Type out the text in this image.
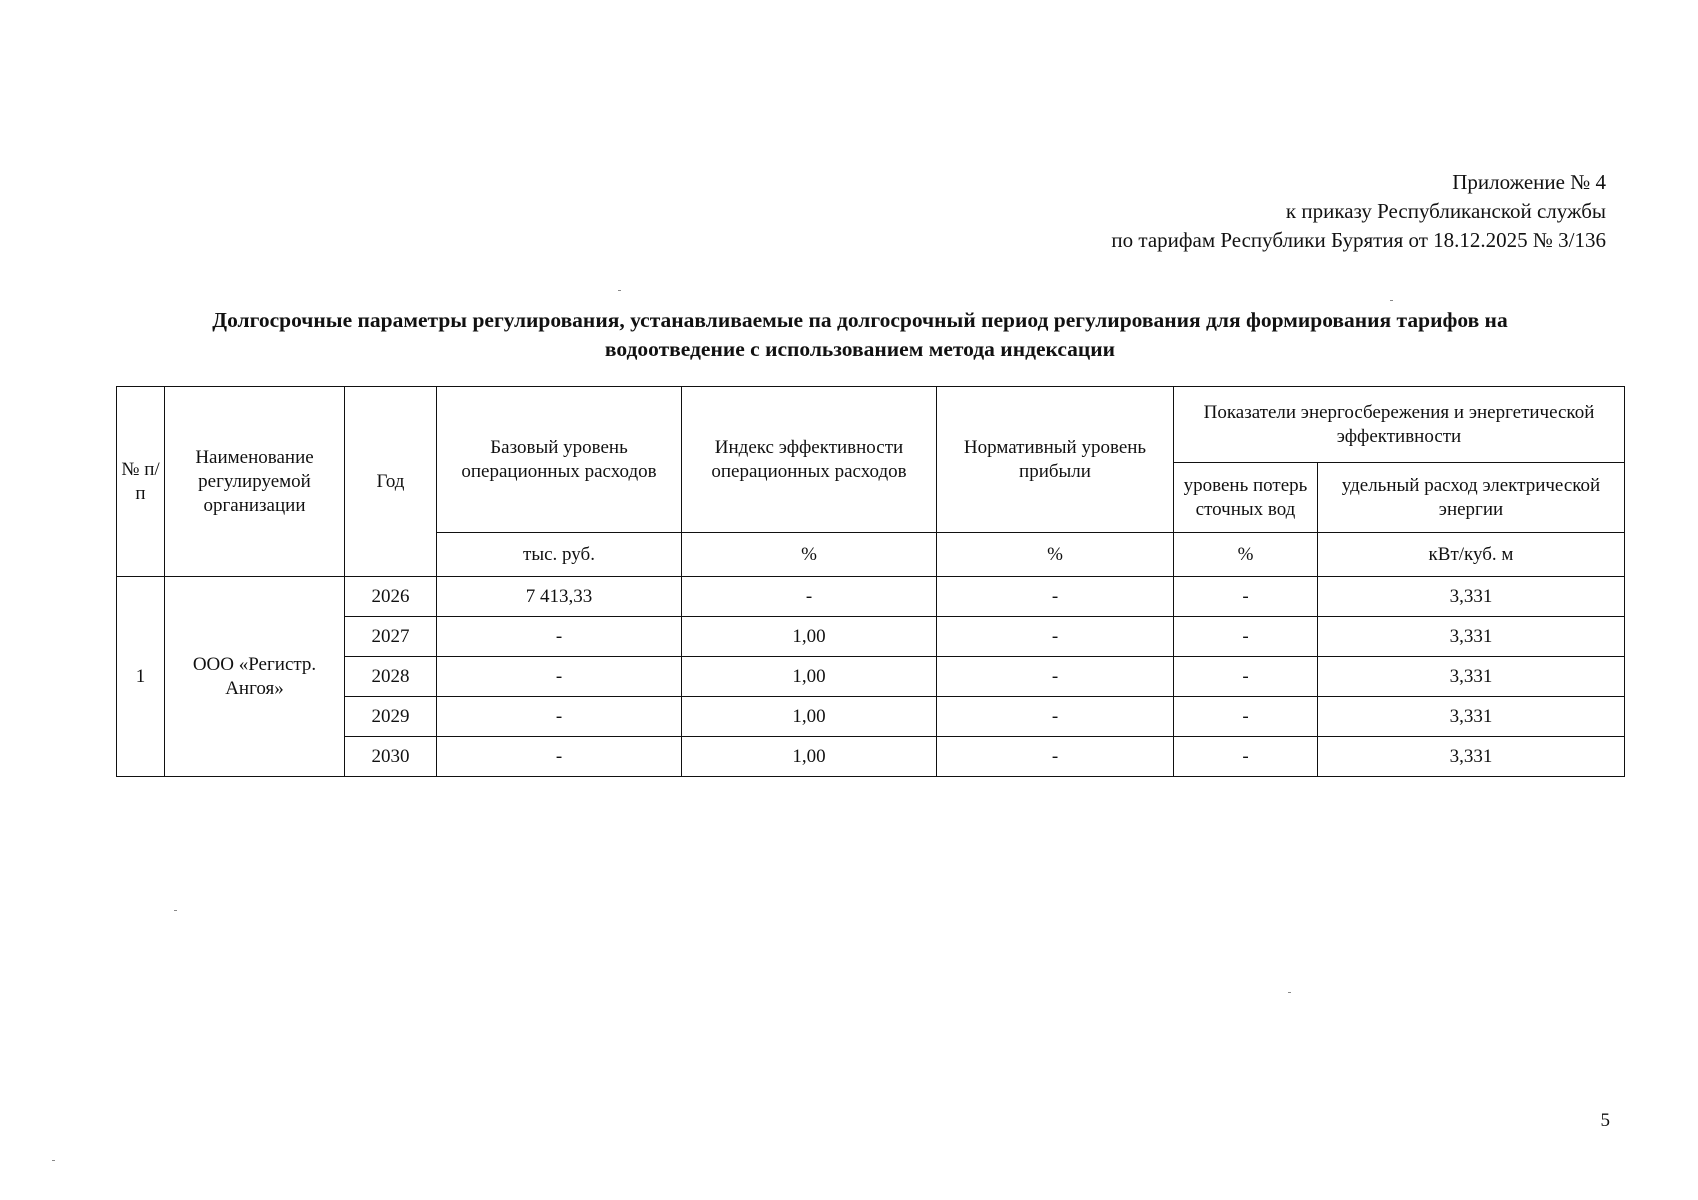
Приложение № 4
к приказу Республиканской службы
по тарифам Республики Бурятия от 18.12.2025 № 3/136
Долгосрочные параметры регулирования, устанавливаемые па долгосрочный период регулирования для формирования тарифов на
водоотведение с использованием метода индексации
№ п/п	Наименование регулируемой организации	Год	Базовый уровень операционных расходов	Индекс эффективности операционных расходов	Нормативный уровень прибыли	Показатели энергосбережения и энергетической эффективности	
						уровень потерь сточных вод	удельный расход электрической энергии
			тыс. руб.	%	%	%	кВт/куб. м
1	ООО «Регистр. Ангоя»	2026	7 413,33	-	-	-	3,331
		2027	-	1,00	-	-	3,331
		2028	-	1,00	-	-	3,331
		2029	-	1,00	-	-	3,331
		2030	-	1,00	-	-	3,331
5
